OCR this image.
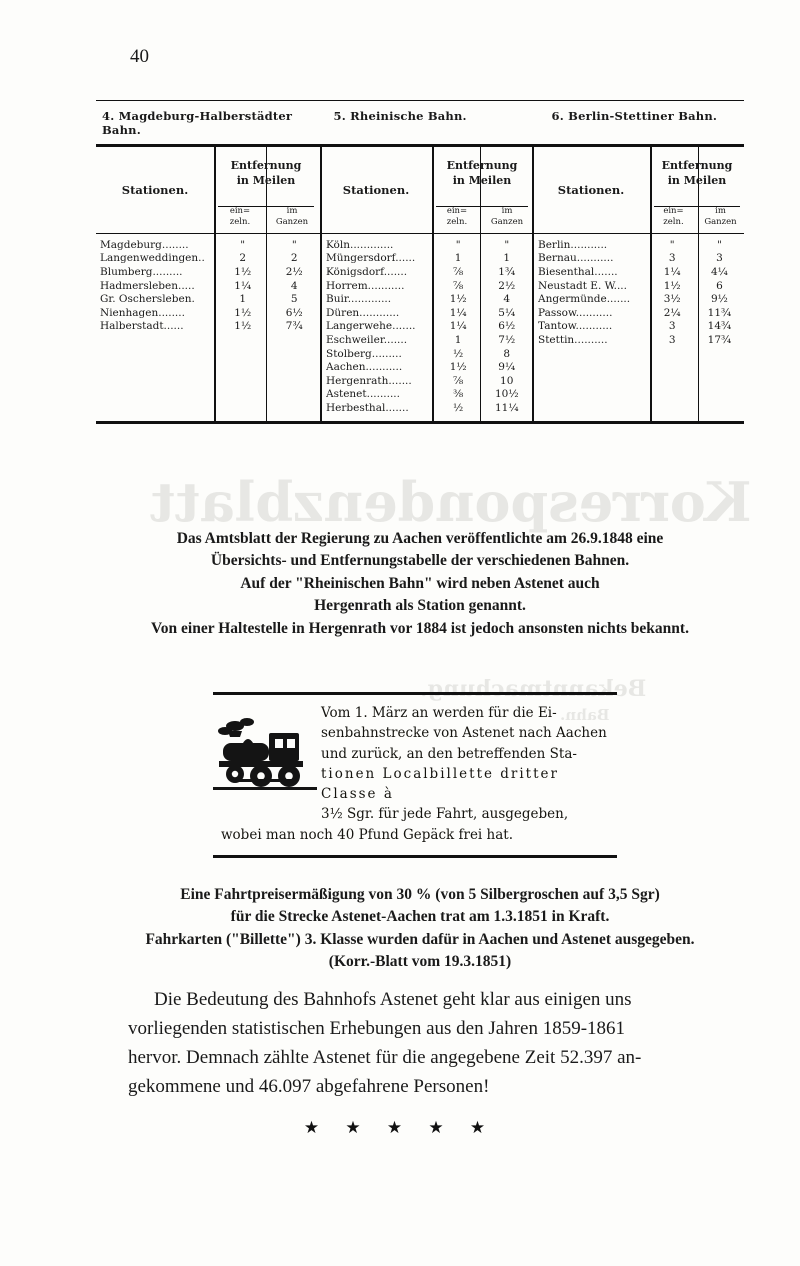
Korrespondenzblatt
Bekanntmachung.
Bahn.
40
4. Magdeburg-Halberstädter Bahn.
5. Rheinische Bahn.	6. Berlin-Stettiner Bahn.
Stationen.
Entfernung
in Meilen
ein=
zeln.
im
Ganzen
Magdeburg........
Langenweddingen..
Blumberg.........
Hadmersleben.....
Gr. Oschersleben.
Nienhagen........
Halberstadt......
"
2
1½
1¼
1
1½
1½
"
2
2½
4
5
6½
7¾
Stationen.
Entfernung
in Meilen
ein=
zeln.
im
Ganzen
Köln.............
Müngersdorf......
Königsdorf.......
Horrem...........
Buir.............
Düren............
Langerwehe.......
Eschweiler.......
Stolberg.........
Aachen...........
Hergenrath.......
Astenet..........
Herbesthal.......
"
1
⅞
⅞
1½
1¼
1¼
1
½
1½
⅞
⅜
½
"
1
1¾
2½
4
5¼
6½
7½
8
9¼
10
10½
11¼
Stationen.
Entfernung
in Meilen
ein=
zeln.
im
Ganzen
Berlin...........
Bernau...........
Biesenthal.......
Neustadt E. W....
Angermünde.......
Passow...........
Tantow...........
Stettin..........
"
3
1¼
1½
3½
2¼
3
3
"
3
4¼
6
9½
11¾
14¾
17¾
Das Amtsblatt der Regierung zu Aachen veröffentlichte am 26.9.1848 eine
Übersichts- und Entfernungstabelle der verschiedenen Bahnen.
Auf der "Rheinischen Bahn" wird neben Astenet auch
Hergenrath als Station genannt.
Von einer Haltestelle in Hergenrath vor 1884 ist jedoch ansonsten nichts bekannt.
Vom 1. März an werden für die Ei-
senbahnstrecke von Astenet nach Aachen
und zurück, an den betreffenden Sta-
tionen Localbillette dritter Classe à
3½ Sgr. für jede Fahrt, ausgegeben,
wobei man noch 40 Pfund Gepäck frei hat.
Eine Fahrtpreisermäßigung von 30 % (von 5 Silbergroschen auf 3,5 Sgr)
für die Strecke Astenet-Aachen trat am 1.3.1851 in Kraft.
Fahrkarten ("Billette") 3. Klasse wurden dafür in Aachen und Astenet ausgegeben.
(Korr.-Blatt vom 19.3.1851)
Die Bedeutung des Bahnhofs Astenet geht klar aus einigen uns
vorliegenden statistischen Erhebungen aus den Jahren 1859-1861
hervor. Demnach zählte Astenet für die angegebene Zeit 52.397 an-
gekommene und 46.097 abgefahrene Personen!
★ ★ ★ ★ ★
